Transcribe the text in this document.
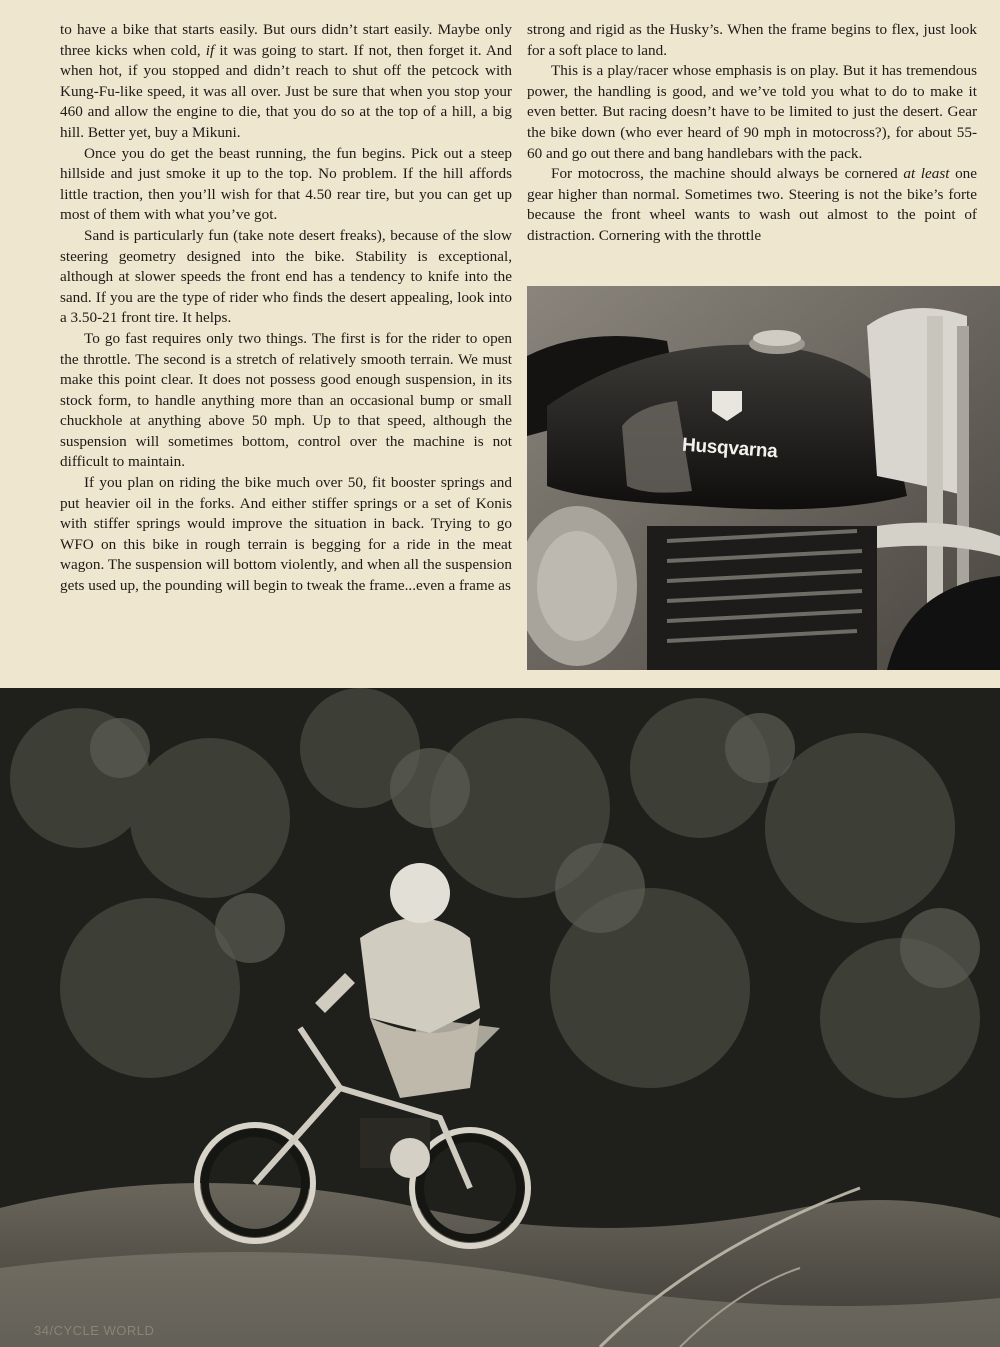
to have a bike that starts easily. But ours didn’t start easily. Maybe only three kicks when cold, if it was going to start. If not, then forget it. And when hot, if you stopped and didn’t reach to shut off the petcock with Kung-Fu-like speed, it was all over. Just be sure that when you stop your 460 and allow the engine to die, that you do so at the top of a hill, a big hill. Better yet, buy a Mikuni.

Once you do get the beast running, the fun begins. Pick out a steep hillside and just smoke it up to the top. No problem. If the hill affords little traction, then you’ll wish for that 4.50 rear tire, but you can get up most of them with what you’ve got.

Sand is particularly fun (take note desert freaks), because of the slow steering geometry designed into the bike. Stability is exceptional, although at slower speeds the front end has a tendency to knife into the sand. If you are the type of rider who finds the desert appealing, look into a 3.50-21 front tire. It helps.

To go fast requires only two things. The first is for the rider to open the throttle. The second is a stretch of relatively smooth terrain. We must make this point clear. It does not possess good enough suspension, in its stock form, to handle anything more than an occasional bump or small chuckhole at anything above 50 mph. Up to that speed, although the suspension will sometimes bottom, control over the machine is not difficult to maintain.

If you plan on riding the bike much over 50, fit booster springs and put heavier oil in the forks. And either stiffer springs or a set of Konis with stiffer springs would improve the situation in back. Trying to go WFO on this bike in rough terrain is begging for a ride in the meat wagon. The suspension will bottom violently, and when all the suspension gets used up, the pounding will begin to tweak the frame...even a frame as

strong and rigid as the Husky’s. When the frame begins to flex, just look for a soft place to land.

This is a play/racer whose emphasis is on play. But it has tremendous power, the handling is good, and we’ve told you what to do to make it even better. But racing doesn’t have to be limited to just the desert. Gear the bike down (who ever heard of 90 mph in motocross?), for about 55-60 and go out there and bang handlebars with the pack.

For motocross, the machine should always be cornered at least one gear higher than normal. Sometimes two. Steering is not the bike’s forte because the front wheel wants to wash out almost to the point of distraction. Cornering with the throttle

Husqvarna
34/CYCLE WORLD
